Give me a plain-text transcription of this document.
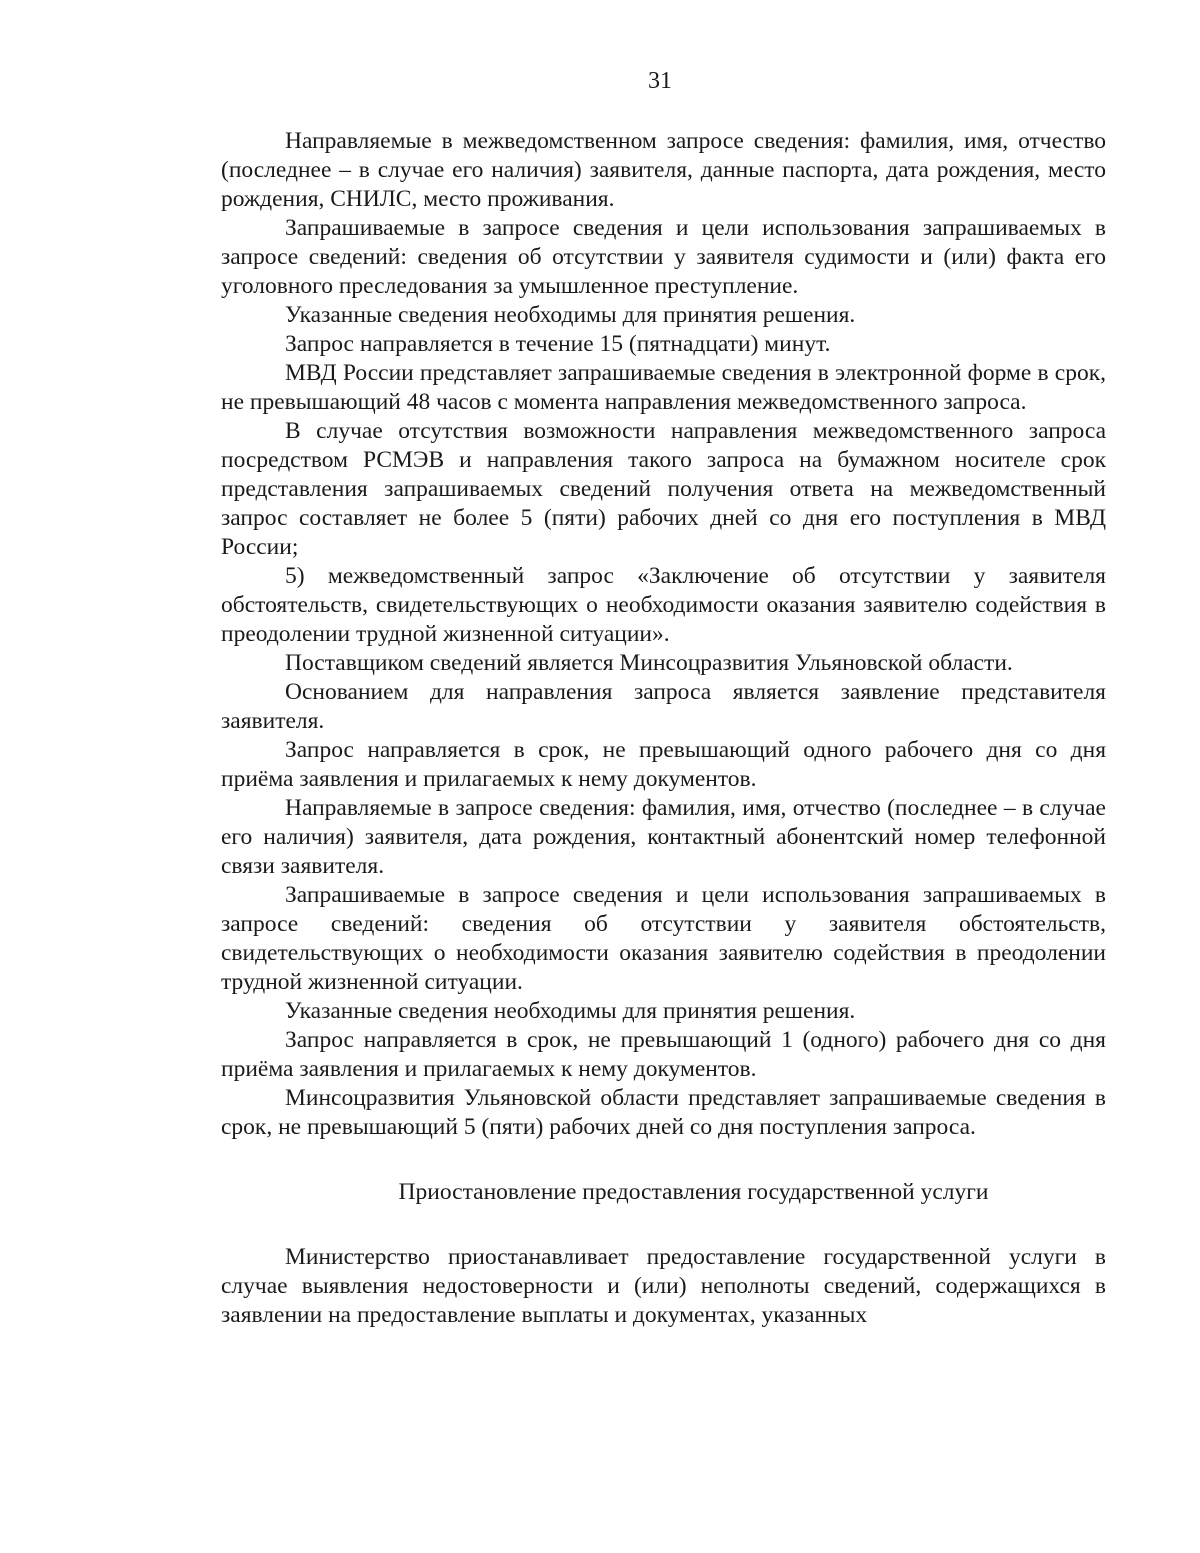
31

Направляемые в межведомственном запросе сведения: фамилия, имя, отчество (последнее – в случае его наличия) заявителя, данные паспорта, дата рождения, место рождения, СНИЛС, место проживания.

Запрашиваемые в запросе сведения и цели использования запрашиваемых в запросе сведений: сведения об отсутствии у заявителя судимости и (или) факта его уголовного преследования за умышленное преступление.

Указанные сведения необходимы для принятия решения.

Запрос направляется в течение 15 (пятнадцати) минут.

МВД России представляет запрашиваемые сведения в электронной форме в срок, не превышающий 48 часов с момента направления межведомственного запроса.

В случае отсутствия возможности направления межведомственного запроса посредством РСМЭВ и направления такого запроса на бумажном носителе срок представления запрашиваемых сведений получения ответа на межведомственный запрос составляет не более 5 (пяти) рабочих дней со дня его поступления в МВД России;

5) межведомственный запрос «Заключение об отсутствии у заявителя обстоятельств, свидетельствующих о необходимости оказания заявителю содействия в преодолении трудной жизненной ситуации».

Поставщиком сведений является Минсоцразвития Ульяновской области.

Основанием для направления запроса является заявление представителя заявителя.

Запрос направляется в срок, не превышающий одного рабочего дня со дня приёма заявления и прилагаемых к нему документов.

Направляемые в запросе сведения: фамилия, имя, отчество (последнее – в случае его наличия) заявителя, дата рождения, контактный абонентский номер телефонной связи заявителя.

Запрашиваемые в запросе сведения и цели использования запрашиваемых в запросе сведений: сведения об отсутствии у заявителя обстоятельств, свидетельствующих о необходимости оказания заявителю содействия в преодолении трудной жизненной ситуации.

Указанные сведения необходимы для принятия решения.

Запрос направляется в срок, не превышающий 1 (одного) рабочего дня со дня приёма заявления и прилагаемых к нему документов.

Минсоцразвития Ульяновской области представляет запрашиваемые сведения в срок, не превышающий 5 (пяти) рабочих дней со дня поступления запроса.

Приостановление предоставления государственной услуги

Министерство приостанавливает предоставление государственной услуги в случае выявления недостоверности и (или) неполноты сведений, содержащихся в заявлении на предоставление выплаты и документах, указанных
